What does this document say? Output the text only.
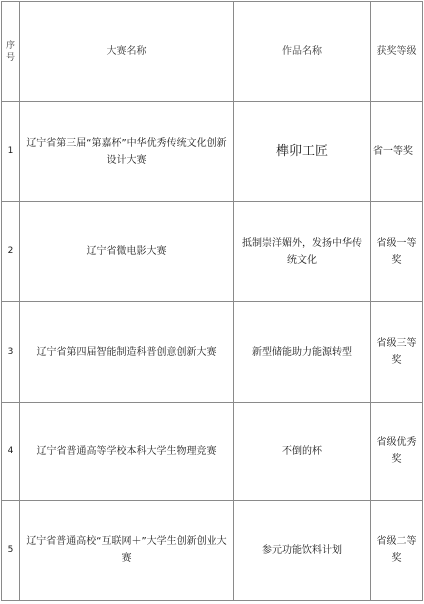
序号	大赛名称	作品名称	获奖等级
1	辽宁省第三届“第嘉杯”中华优秀传统文化创新设计大赛	榫卯工匠	省一等奖
2	辽宁省微电影大赛	抵制崇洋媚外，发扬中华传统文化	省级一等奖
3	辽宁省第四届智能制造科普创意创新大赛	新型储能助力能源转型	省级三等奖
4	辽宁省普通高等学校本科大学生物理竞赛	不倒的杯	省级优秀奖
5	辽宁省普通高校“互联网＋”大学生创新创业大赛	参元功能饮料计划	省级二等奖
